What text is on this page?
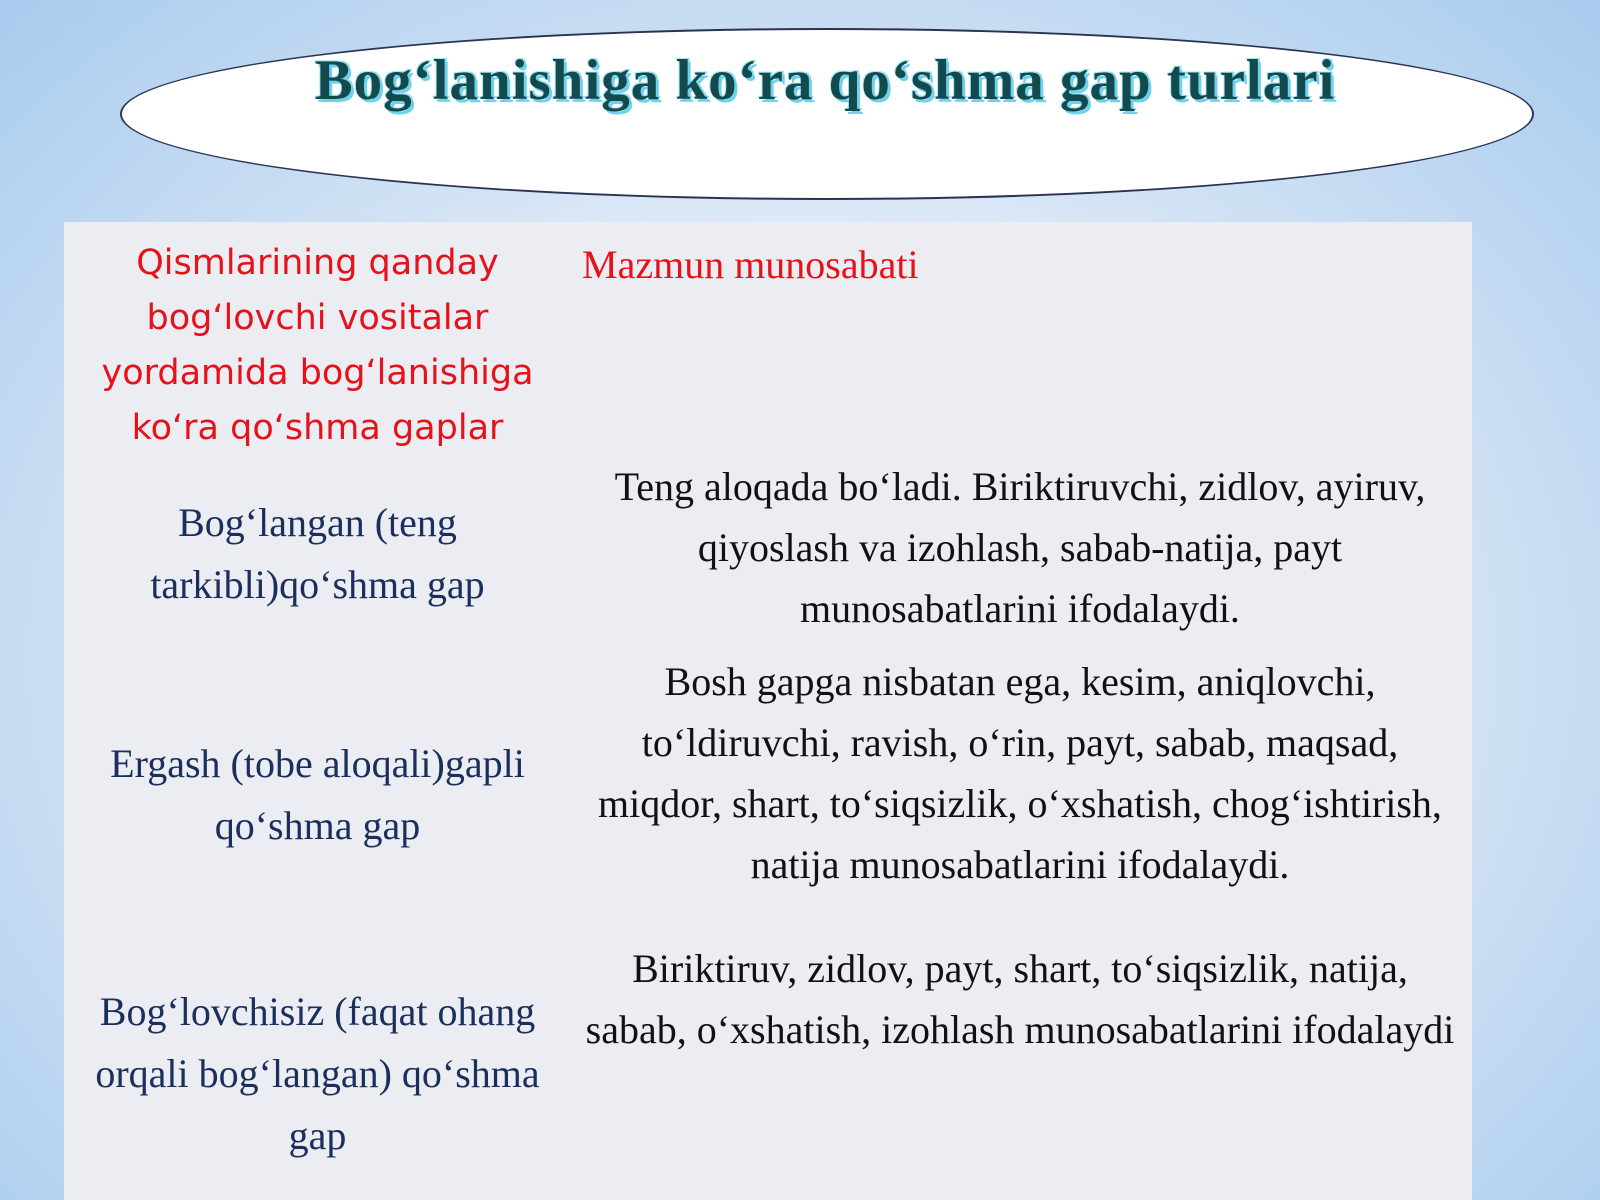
Bog‘lanishiga ko‘ra qo‘shma gap turlari
Qismlarining qanday bog‘lovchi vositalar yordamida bog‘lanishiga ko‘ra qo‘shma gaplar
Mazmun munosabati
Bog‘langan (teng tarkibli)qo‘shma gap
Teng aloqada bo‘ladi. Biriktiruvchi, zidlov, ayiruv, qiyoslash va izohlash, sabab-natija, payt munosabatlarini ifodalaydi.
Ergash (tobe aloqali)gapli qo‘shma gap
Bosh gapga nisbatan ega, kesim, aniqlovchi, to‘ldiruvchi, ravish, o‘rin, payt, sabab, maqsad, miqdor, shart, to‘siqsizlik, o‘xshatish, chog‘ishtirish, natija munosabatlarini ifodalaydi.
Bog‘lovchisiz (faqat ohang orqali bog‘langan) qo‘shma gap
Biriktiruv, zidlov, payt, shart, to‘siqsizlik, natija, sabab, o‘xshatish, izohlash munosabatlarini ifodalaydi
